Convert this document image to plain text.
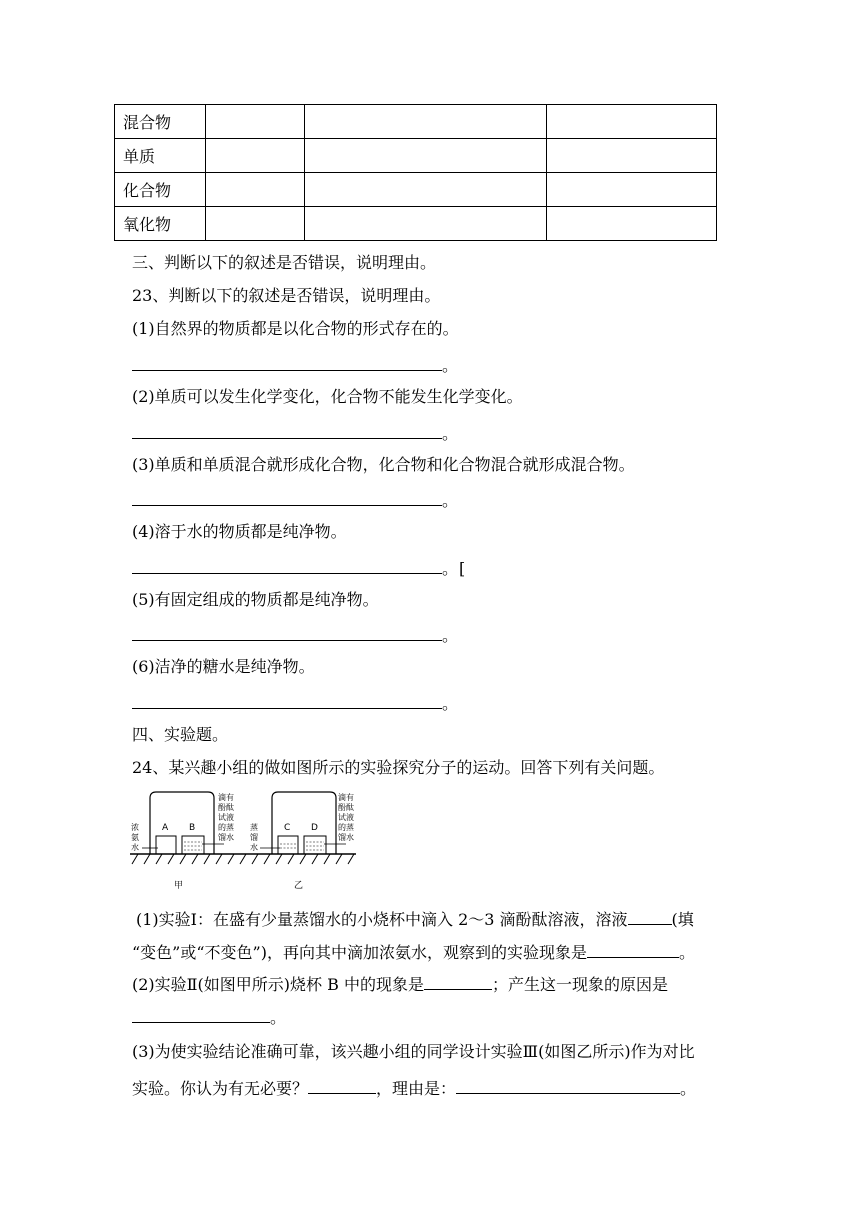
混合物			
单质			
化合物			
氧化物			
三、判断以下的叙述是否错误，说明理由。
23、判断以下的叙述是否错误，说明理由。
(1)自然界的物质都是以化合物的形式存在的。
。
(2)单质可以发生化学变化，化合物不能发生化学变化。
。
(3)单质和单质混合就形成化合物，化合物和化合物混合就形成混合物。
。
(4)溶于水的物质都是纯净物。
。 [
(5)有固定组成的物质都是纯净物。
。
(6)洁净的糖水是纯净物。
。
四、实验题。
24、某兴趣小组的做如图所示的实验探究分子的运动。回答下列有关问题。
A B	C D
浓
氨
水
滴有
酚酞
试液
的蒸
馏水
蒸
馏
水
滴有
酚酞
试液
的蒸
馏水
甲	乙
(1)实验Ⅰ：在盛有少量蒸馏水的小烧杯中滴入 2～3 滴酚酞溶液，溶液	(填
“变色”或“不变色”)，再向其中滴加浓氨水，观察到的实验现象是	。
(2)实验Ⅱ(如图甲所示)烧杯 B 中的现象是	；产生这一现象的原因是
。
(3)为使实验结论准确可靠，该兴趣小组的同学设计实验Ⅲ(如图乙所示)作为对比
实验。你认为有无必要？	，理由是：	。
